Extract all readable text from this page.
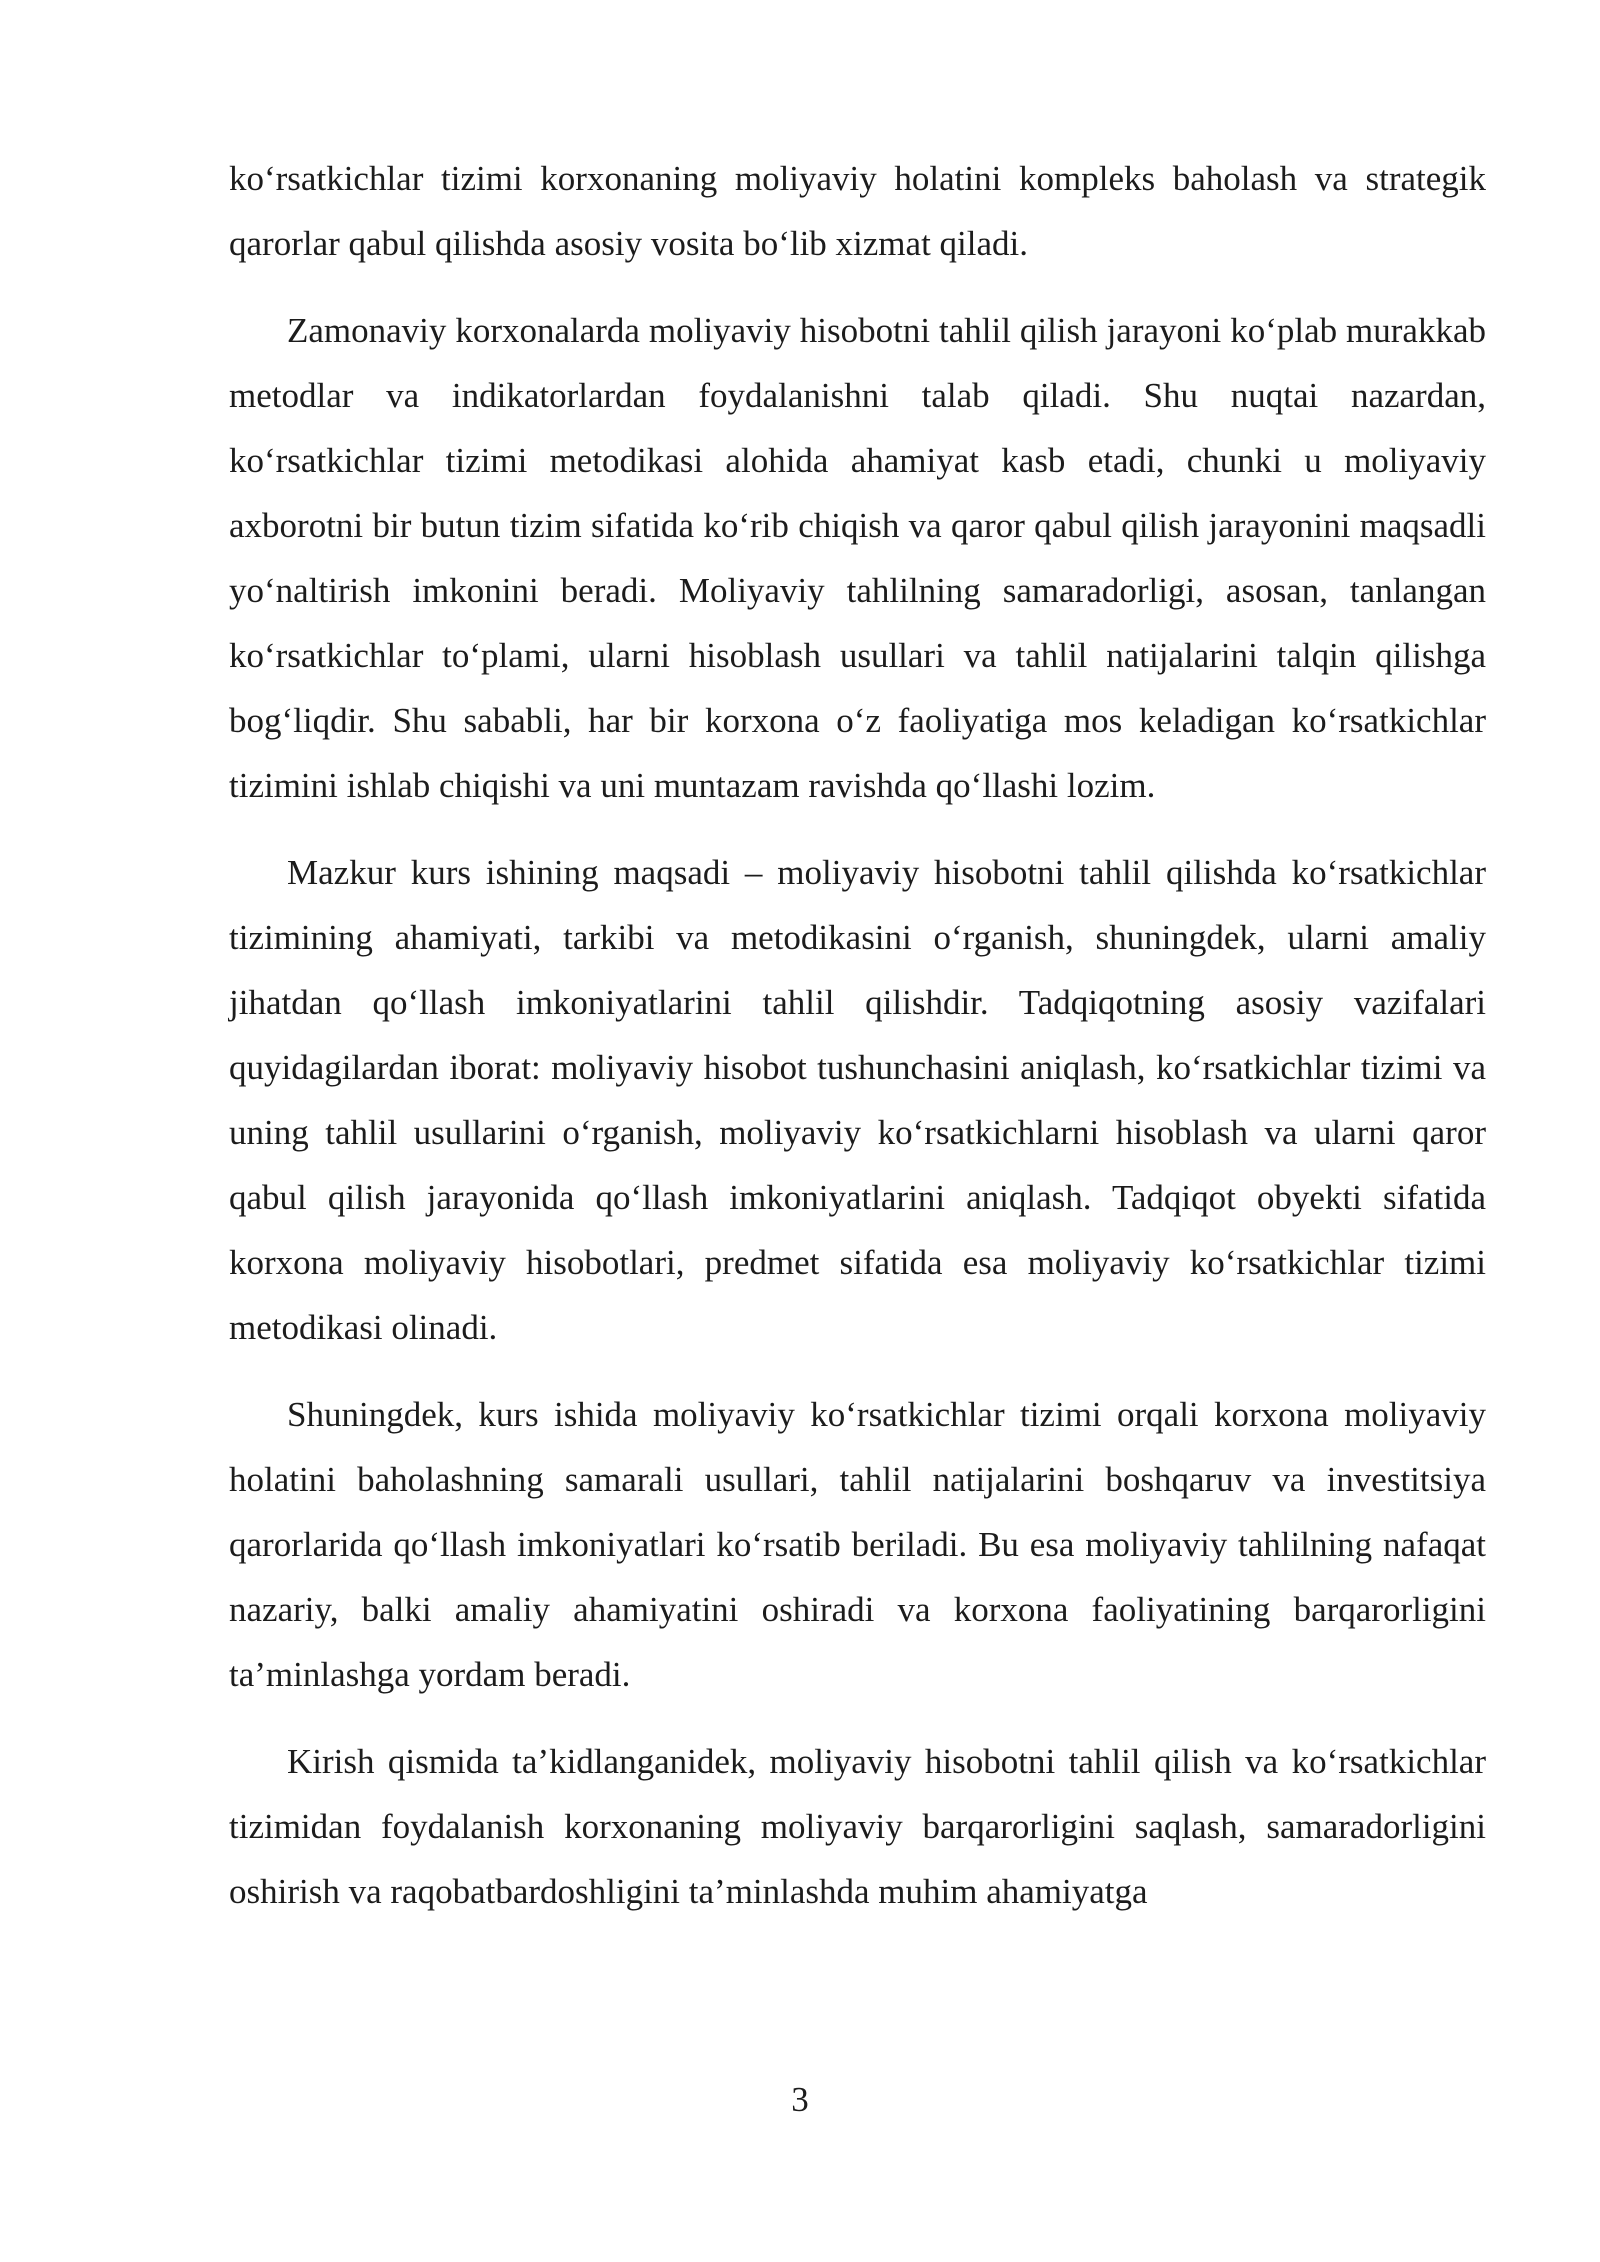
ko‘rsatkichlar tizimi korxonaning moliyaviy holatini kompleks baholash va strategik qarorlar qabul qilishda asosiy vosita bo‘lib xizmat qiladi.

Zamonaviy korxonalarda moliyaviy hisobotni tahlil qilish jarayoni ko‘plab murakkab metodlar va indikatorlardan foydalanishni talab qiladi. Shu nuqtai nazardan, ko‘rsatkichlar tizimi metodikasi alohida ahamiyat kasb etadi, chunki u moliyaviy axborotni bir butun tizim sifatida ko‘rib chiqish va qaror qabul qilish jarayonini maqsadli yo‘naltirish imkonini beradi. Moliyaviy tahlilning samaradorligi, asosan, tanlangan ko‘rsatkichlar to‘plami, ularni hisoblash usullari va tahlil natijalarini talqin qilishga bog‘liqdir. Shu sababli, har bir korxona o‘z faoliyatiga mos keladigan ko‘rsatkichlar tizimini ishlab chiqishi va uni muntazam ravishda qo‘llashi lozim.

Mazkur kurs ishining maqsadi – moliyaviy hisobotni tahlil qilishda ko‘rsatkichlar tizimining ahamiyati, tarkibi va metodikasini o‘rganish, shuningdek, ularni amaliy jihatdan qo‘llash imkoniyatlarini tahlil qilishdir. Tadqiqotning asosiy vazifalari quyidagilardan iborat: moliyaviy hisobot tushunchasini aniqlash, ko‘rsatkichlar tizimi va uning tahlil usullarini o‘rganish, moliyaviy ko‘rsatkichlarni hisoblash va ularni qaror qabul qilish jarayonida qo‘llash imkoniyatlarini aniqlash. Tadqiqot obyekti sifatida korxona moliyaviy hisobotlari, predmet sifatida esa moliyaviy ko‘rsatkichlar tizimi metodikasi olinadi.

Shuningdek, kurs ishida moliyaviy ko‘rsatkichlar tizimi orqali korxona moliyaviy holatini baholashning samarali usullari, tahlil natijalarini boshqaruv va investitsiya qarorlarida qo‘llash imkoniyatlari ko‘rsatib beriladi. Bu esa moliyaviy tahlilning nafaqat nazariy, balki amaliy ahamiyatini oshiradi va korxona faoliyatining barqarorligini ta’minlashga yordam beradi.

Kirish qismida ta’kidlanganidek, moliyaviy hisobotni tahlil qilish va ko‘rsatkichlar tizimidan foydalanish korxonaning moliyaviy barqarorligini saqlash, samaradorligini oshirish va raqobatbardoshligini ta’minlashda muhim ahamiyatga

3
